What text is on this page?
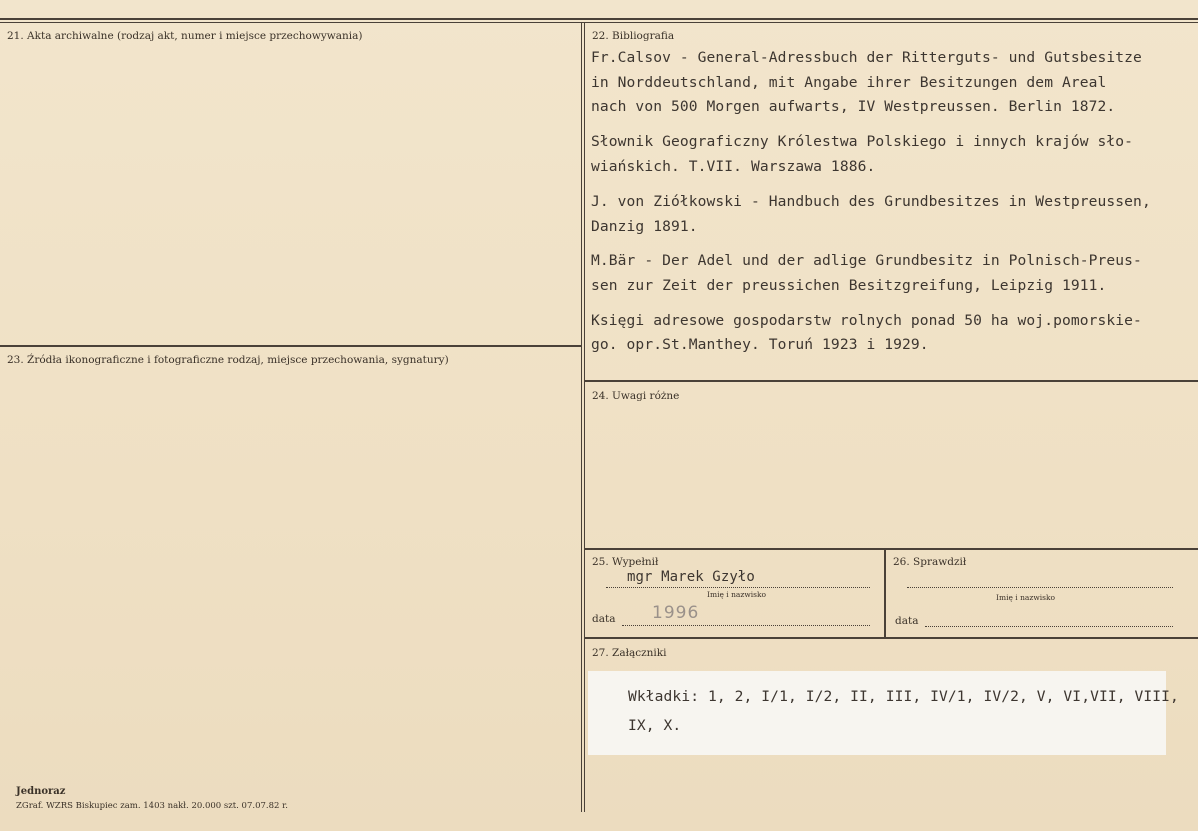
21. Akta archiwalne (rodzaj akt, numer i miejsce przechowywania)	22. Bibliografia
Fr.Calsov - General-Adressbuch der Ritterguts- und Gutsbesitze
in Norddeutschland, mit Angabe ihrer Besitzungen dem Areal
nach von 500 Morgen aufwarts, IV Westpreussen. Berlin 1872.
Słownik Geograficzny Królestwa Polskiego i innych krajów sło-
wiańskich. T.VII. Warszawa 1886.
J. von Ziółkowski - Handbuch des Grundbesitzes in Westpreussen,
Danzig 1891.
M.Bär - Der Adel und der adlige Grundbesitz in Polnisch-Preus-
sen zur Zeit der preussichen Besitzgreifung, Leipzig 1911.
Księgi adresowe gospodarstw rolnych ponad 50 ha woj.pomorskie-
go. opr.St.Manthey. Toruń 1923 i 1929.
23. Źródła ikonograficzne i fotograficzne rodzaj, miejsce przechowania, sygnatury)
24. Uwagi różne
25. Wypełnił
mgr Marek Gzyło
Imię i nazwisko
data 1996
26. Sprawdził
Imię i nazwisko
data
27. Załączniki
Wkładki: 1, 2, I/1, I/2, II, III, IV/1, IV/2, V, VI,VII, VIII,
IX, X.
Jednoraz
ZGraf. WZRS Biskupiec zam. 1403 nakł. 20.000 szt. 07.07.82 r.
